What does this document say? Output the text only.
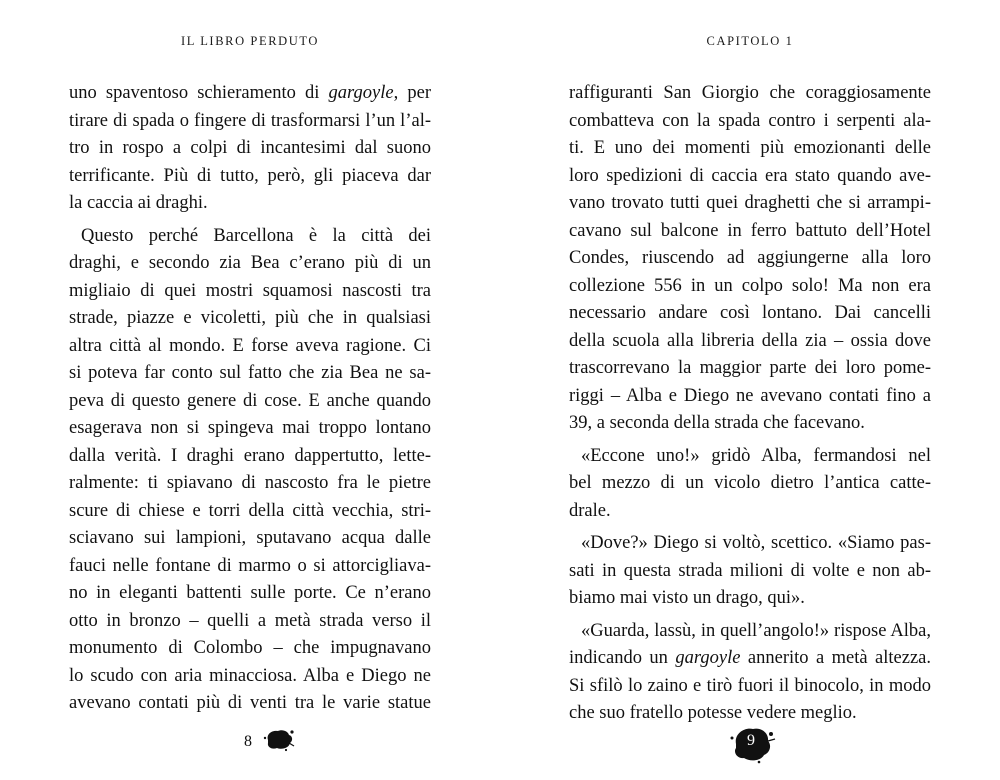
IL LIBRO PERDUTO
uno spaventoso schieramento di gargoyle, per
tirare di spada o fingere di trasformarsi l’un l’al-
tro in rospo a colpi di incantesimi dal suono
terrificante. Più di tutto, però, gli piaceva dar
la caccia ai draghi.
Questo perché Barcellona è la città dei
draghi, e secondo zia Bea c’erano più di un
migliaio di quei mostri squamosi nascosti tra
strade, piazze e vicoletti, più che in qualsiasi
altra città al mondo. E forse aveva ragione. Ci
si poteva far conto sul fatto che zia Bea ne sa-
peva di questo genere di cose. E anche quando
esagerava non si spingeva mai troppo lontano
dalla verità. I draghi erano dappertutto, lette-
ralmente: ti spiavano di nascosto fra le pietre
scure di chiese e torri della città vecchia, stri-
sciavano sui lampioni, sputavano acqua dalle
fauci nelle fontane di marmo o si attorcigliava-
no in eleganti battenti sulle porte. Ce n’erano
otto in bronzo – quelli a metà strada verso il
monumento di Colombo – che impugnavano
lo scudo con aria minacciosa. Alba e Diego ne
avevano contati più di venti tra le varie statue
8
CAPITOLO 1
raffiguranti San Giorgio che coraggiosamente
combatteva con la spada contro i serpenti ala-
ti. E uno dei momenti più emozionanti delle
loro spedizioni di caccia era stato quando ave-
vano trovato tutti quei draghetti che si arrampi-
cavano sul balcone in ferro battuto dell’Hotel
Condes, riuscendo ad aggiungerne alla loro
collezione 556 in un colpo solo! Ma non era
necessario andare così lontano. Dai cancelli
della scuola alla libreria della zia – ossia dove
trascorrevano la maggior parte dei loro pome-
riggi – Alba e Diego ne avevano contati fino a
39, a seconda della strada che facevano.
«Eccone uno!» gridò Alba, fermandosi nel
bel mezzo di un vicolo dietro l’antica catte-
drale.
«Dove?» Diego si voltò, scettico. «Siamo pas-
sati in questa strada milioni di volte e non ab-
biamo mai visto un drago, qui».
«Guarda, lassù, in quell’angolo!» rispose Alba,
indicando un gargoyle annerito a metà altezza.
Si sfilò lo zaino e tirò fuori il binocolo, in modo
che suo fratello potesse vedere meglio.
9
